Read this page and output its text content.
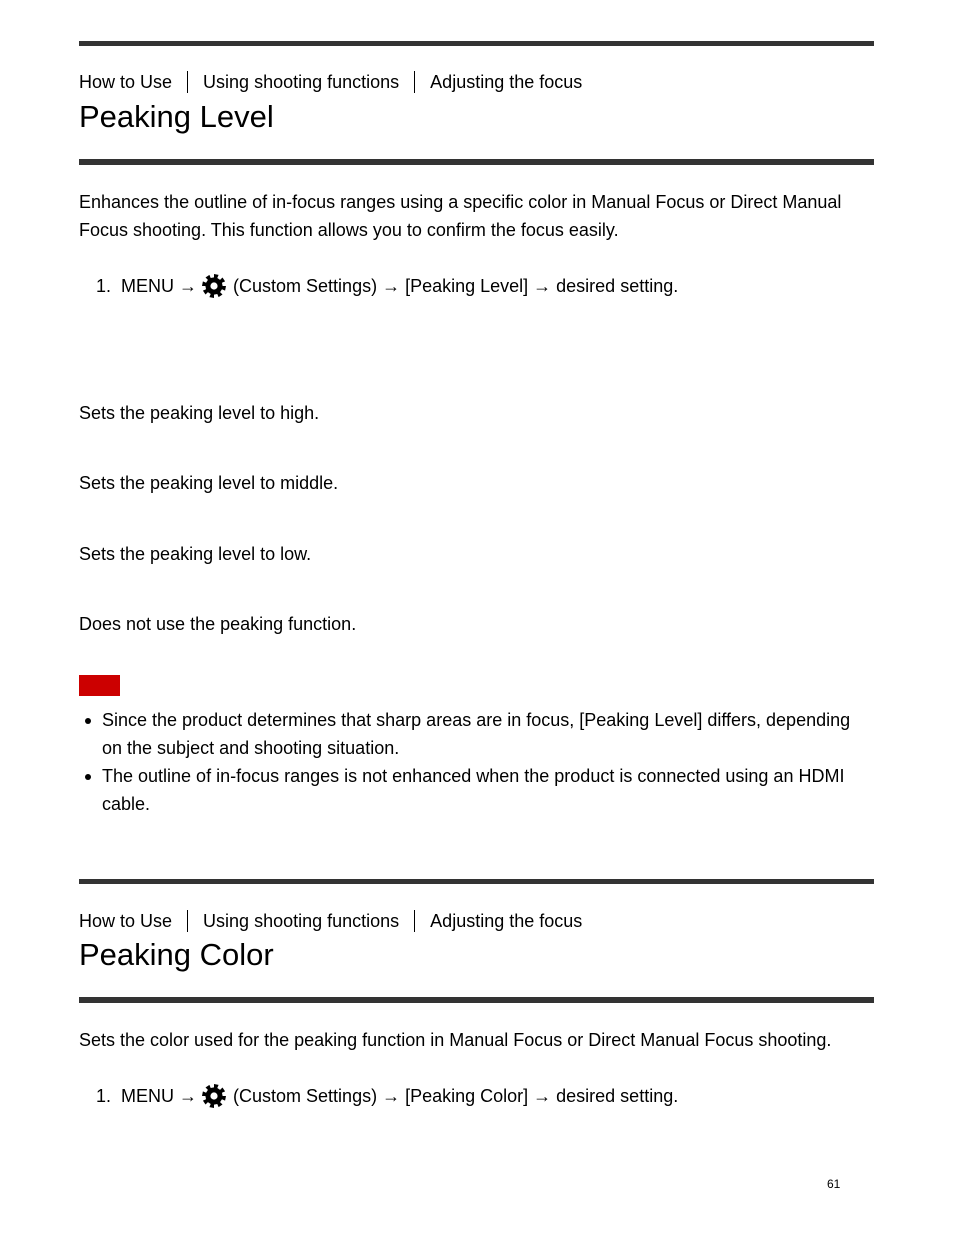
How to Use Using shooting functions Adjusting the focus
Peaking Level

Enhances the outline of in-focus ranges using a specific color in Manual Focus or Direct Manual Focus shooting. This function allows you to confirm the focus easily.

1. MENU → (Custom Settings) → [Peaking Level] → desired setting.
Sets the peaking level to high.
Sets the peaking level to middle.
Sets the peaking level to low.
Does not use the peaking function.
Since the product determines that sharp areas are in focus, [Peaking Level] differs, depending on the subject and shooting situation.
The outline of in-focus ranges is not enhanced when the product is connected using an HDMI cable.
How to Use Using shooting functions Adjusting the focus
Peaking Color

Sets the color used for the peaking function in Manual Focus or Direct Manual Focus shooting.

1. MENU → (Custom Settings) → [Peaking Color] → desired setting.
61
